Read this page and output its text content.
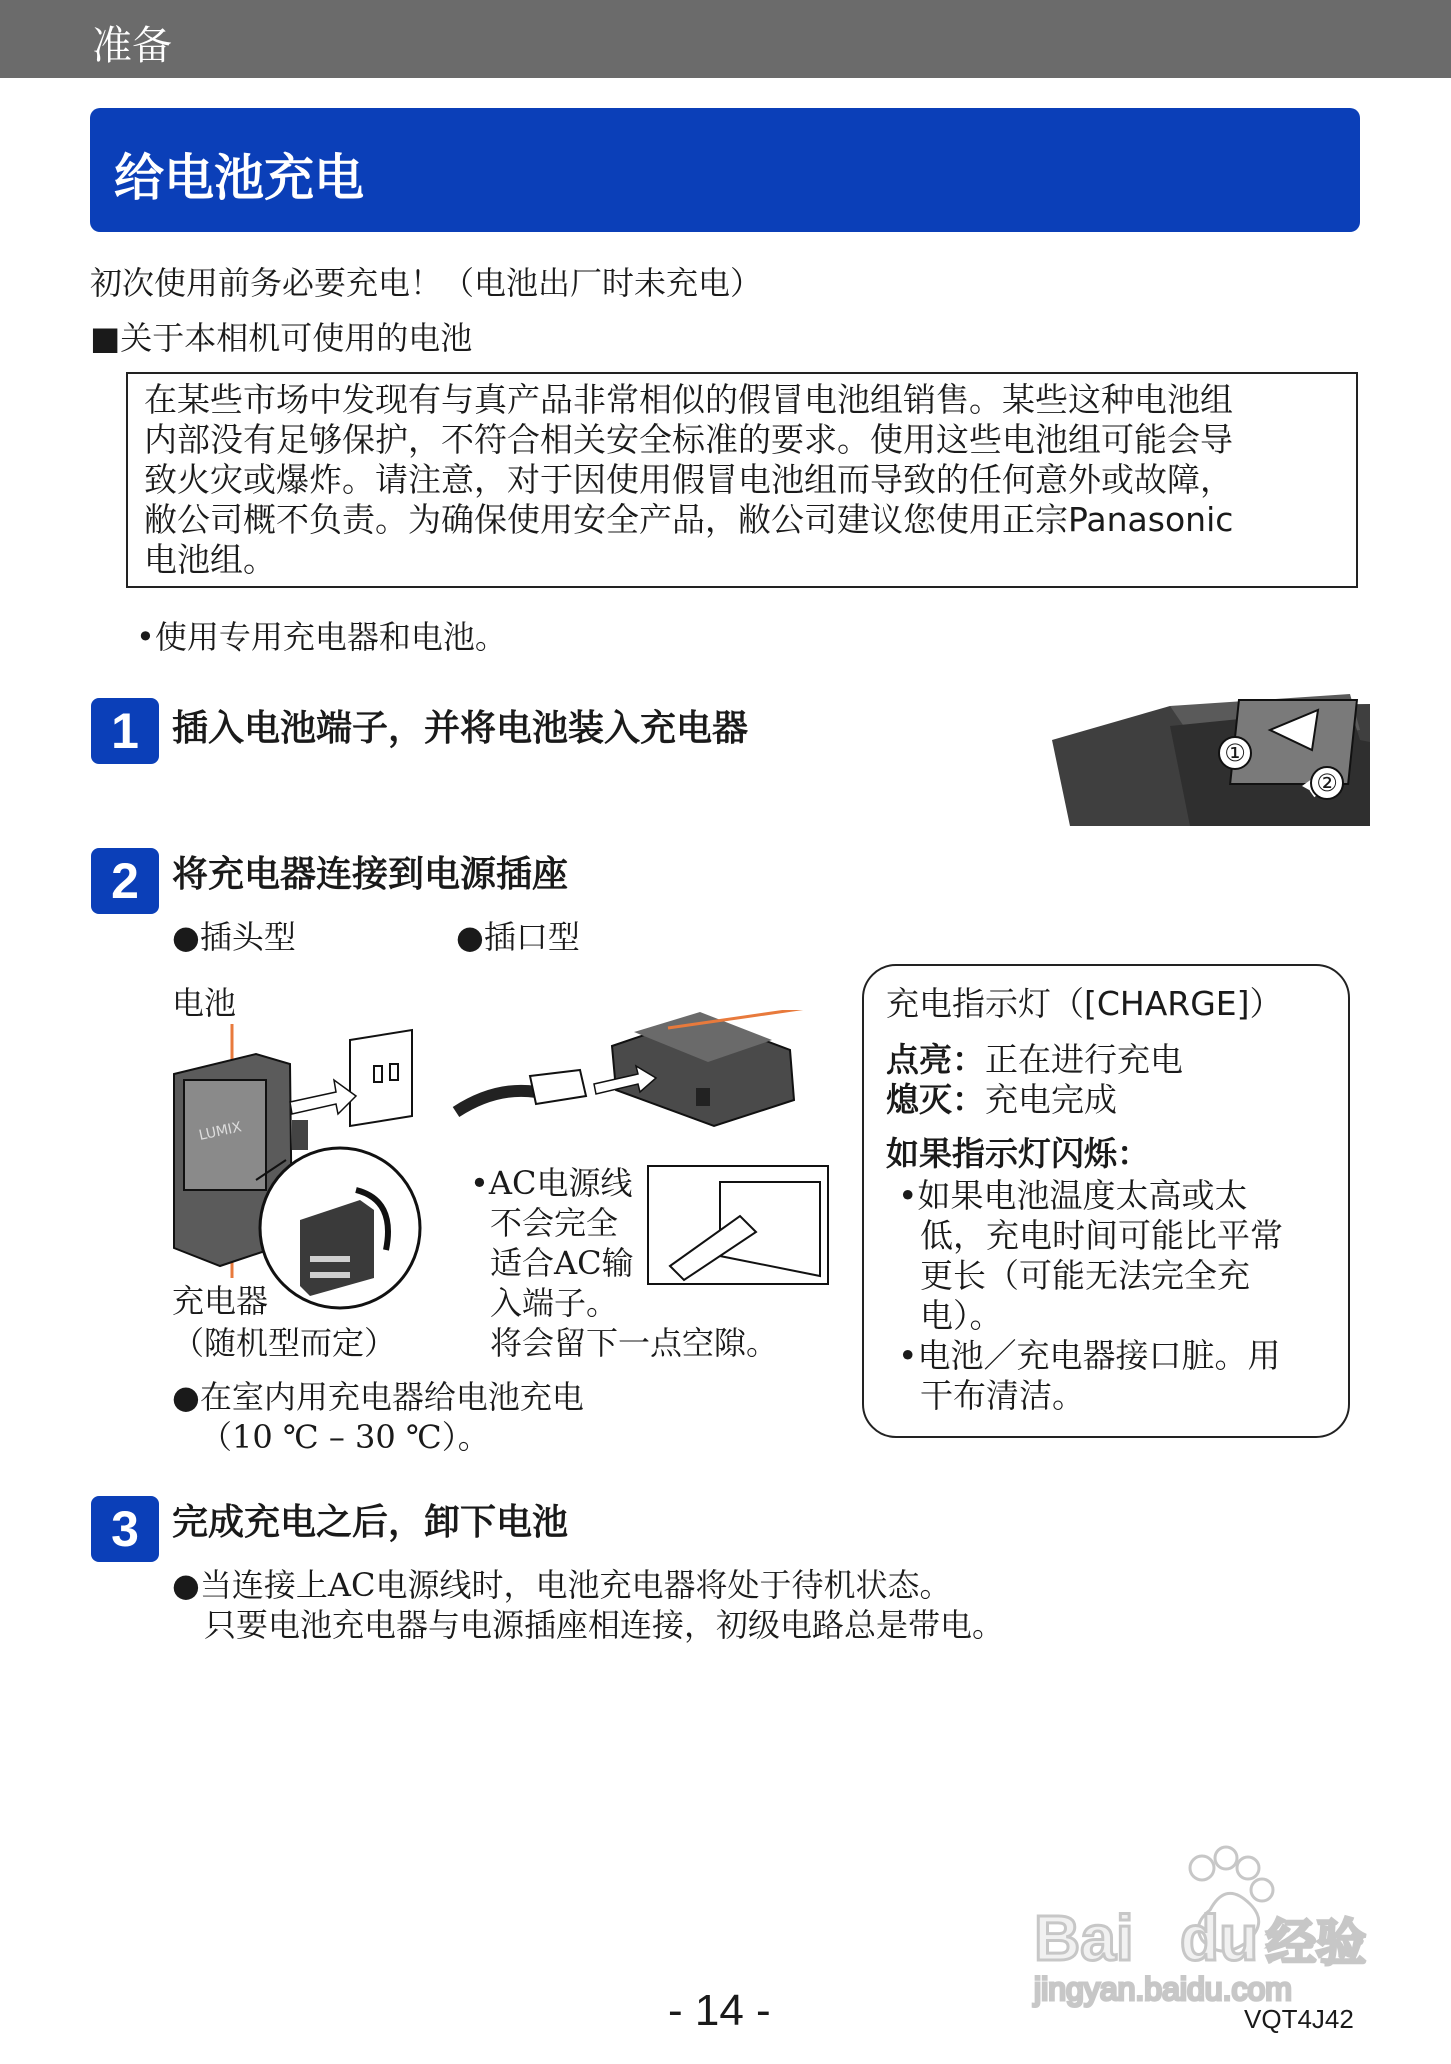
准备
给电池充电
初次使用前务必要充电！（电池出厂时未充电）
■关于本相机可使用的电池
在某些市场中发现有与真产品非常相似的假冒电池组销售。某些这种电池组
内部没有足够保护，不符合相关安全标准的要求。使用这些电池组可能会导
致火灾或爆炸。请注意，对于因使用假冒电池组而导致的任何意外或故障，
敝公司概不负责。为确保使用安全产品，敝公司建议您使用正宗Panasonic
电池组。
•使用专用充电器和电池。
1 插入电池端子，并将电池装入充电器
①
②
2 将充电器连接到电源插座
●插头型	●插口型
电池
LUMIX
充电器
（随机型而定）
•AC电源线
不会完全
适合AC输
入端子。
将会留下一点空隙。
●在室内用充电器给电池充电
（10 ℃ – 30 ℃）。
充电指示灯（[CHARGE]）
点亮：正在进行充电
熄灭：充电完成
如果指示灯闪烁：
•如果电池温度太高或太
低，充电时间可能比平常
更长（可能无法完全充
电）。
•电池／充电器接口脏。用
干布清洁。
3 完成充电之后，卸下电池
●当连接上AC电源线时，电池充电器将处于待机状态。
只要电池充电器与电源插座相连接，初级电路总是带电。
Bai du 经验
jingyan.baidu.com
- 14 -	VQT4J42
